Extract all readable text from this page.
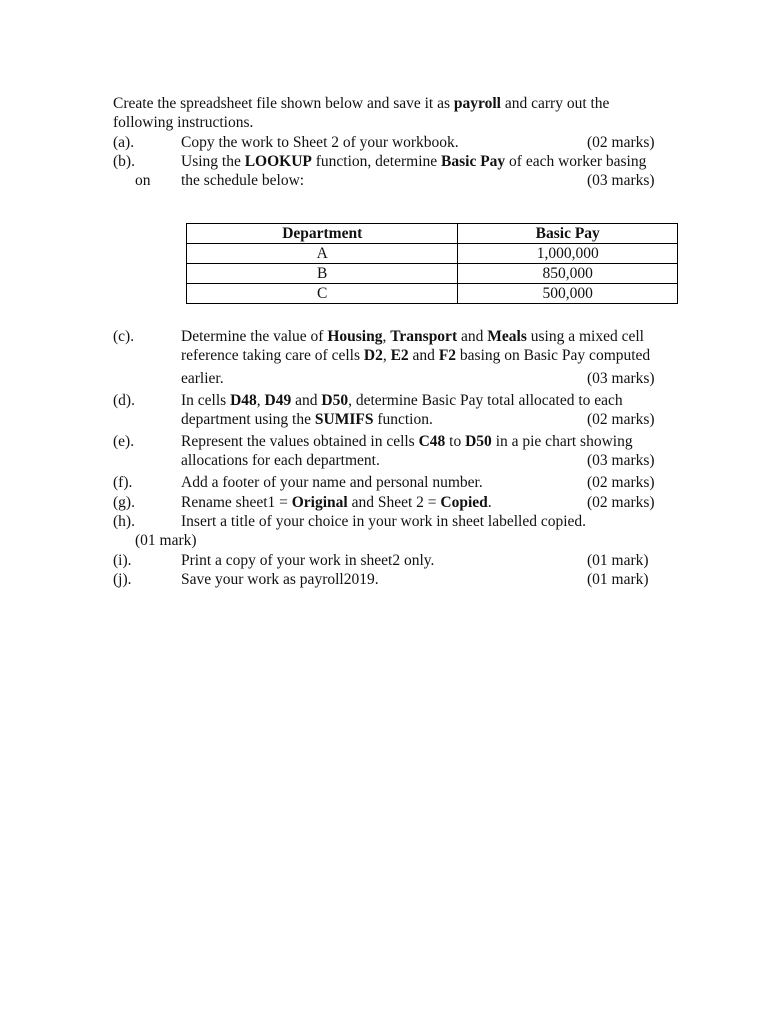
Create the spreadsheet file shown below and save it as payroll and carry out the
following instructions.
(a).	Copy the work to Sheet 2 of your workbook.	(02 marks)
(b).	Using the LOOKUP function, determine Basic Pay of each worker basing
on the schedule below:	(03 marks)
Department	Basic Pay
A	1,000,000
B	850,000
C	500,000
(c).	Determine the value of Housing, Transport and Meals using a mixed cell
reference taking care of cells D2, E2 and F2 basing on Basic Pay computed
earlier.	(03 marks)
(d).	In cells D48, D49 and D50, determine Basic Pay total allocated to each
department using the SUMIFS function.	(02 marks)
(e).	Represent the values obtained in cells C48 to D50 in a pie chart showing
allocations for each department.	(03 marks)
(f).	Add a footer of your name and personal number.	(02 marks)
(g).	Rename sheet1 = Original and Sheet 2 = Copied.	(02 marks)
(h).	Insert a title of your choice in your work in sheet labelled copied.
(01 mark)
(i).	Print a copy of your work in sheet2 only.	(01 mark)
(j).	Save your work as payroll2019.	(01 mark)
